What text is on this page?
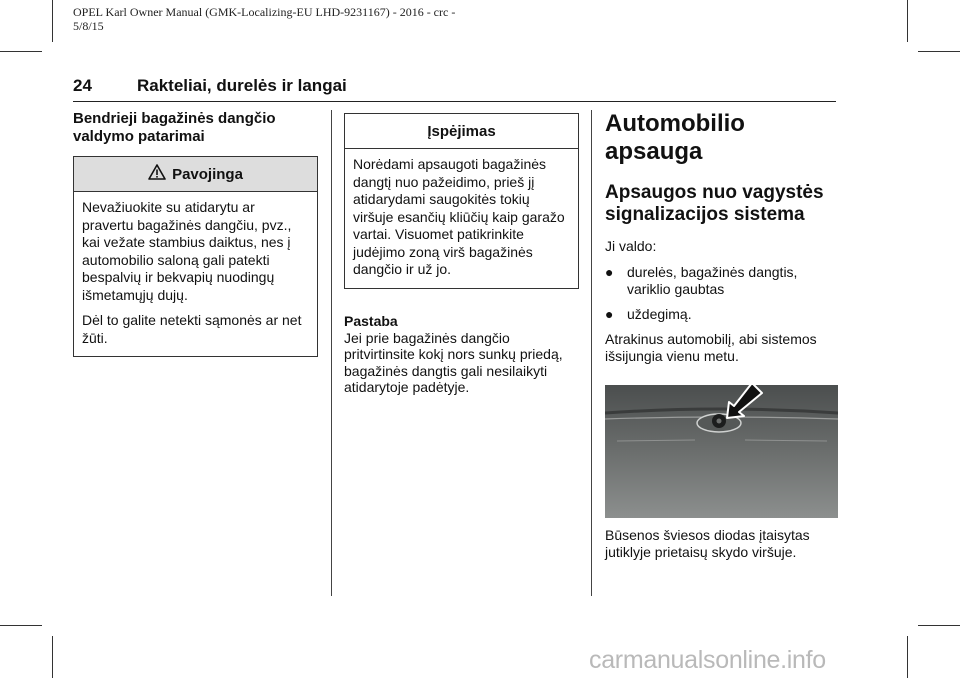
OPEL Karl Owner Manual (GMK-Localizing-EU LHD-9231167) - 2016 - crc -
5/8/15
24	Rakteliai, durelės ir langai
Bendrieji bagažinės dangčio valdymo patarimai
Pavojinga

Nevažiuokite su atidarytu ar pravertu bagažinės dangčiu, pvz., kai vežate stambius daiktus, nes į automobilio saloną gali patekti bespalvių ir bekvapių nuodingų išmetamųjų dujų.

Dėl to galite netekti sąmonės ar net žūti.

Įspėjimas

Norėdami apsaugoti bagažinės dangtį nuo pažeidimo, prieš jį atidarydami saugokitės tokių viršuje esančių kliūčių kaip garažo vartai. Visuomet patikrinkite judėjimo zoną virš bagažinės dangčio ir už jo.

Pastaba
Jei prie bagažinės dangčio pritvirtinsite kokį nors sunkų priedą, bagažinės dangtis gali nesilaikyti atidarytoje padėtyje.
Automobilio apsauga
Apsaugos nuo vagystės signalizacijos sistema
Ji valdo:
● durelės, bagažinės dangtis, variklio gaubtas
● uždegimą.
Atrakinus automobilį, abi sistemos išsijungia vienu metu.
Būsenos šviesos diodas įtaisytas jutiklyje prietaisų skydo viršuje.
carmanualsonline.info
